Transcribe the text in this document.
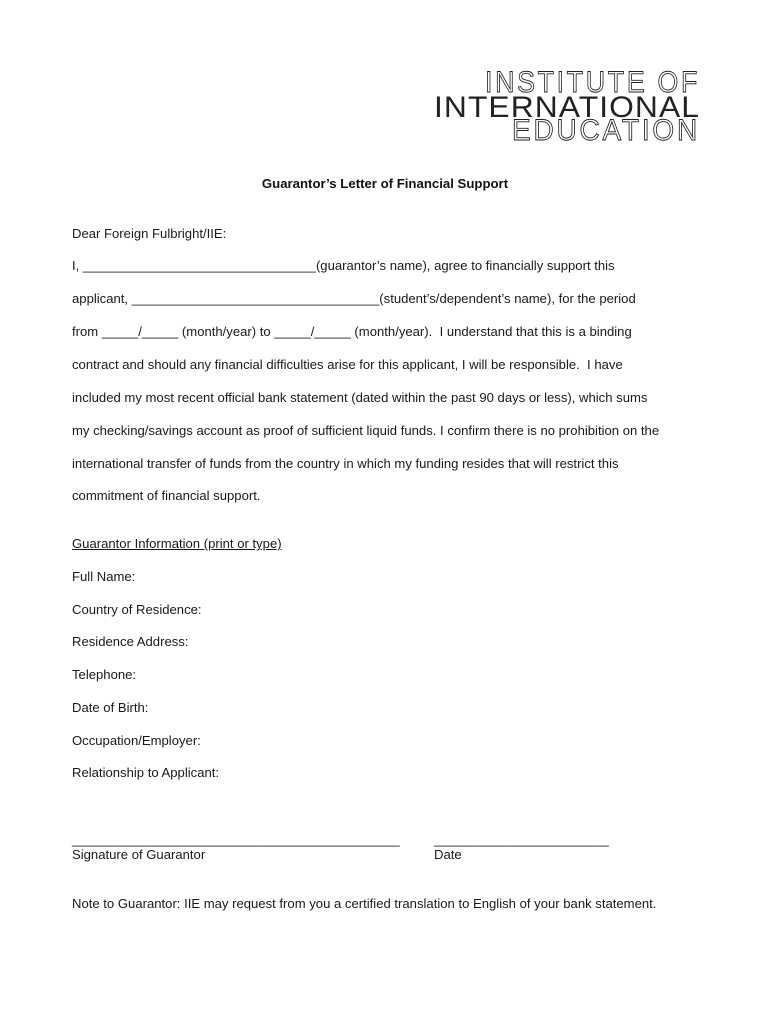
INSTITUTE OF
INTERNATIONAL
EDUCATION
Guarantor’s Letter of Financial Support
Dear Foreign Fulbright/IIE:
I, ________________________________(guarantor’s name), agree to financially support this
applicant, __________________________________(student’s/dependent’s name), for the period
from _____/_____ (month/year) to _____/_____ (month/year).  I understand that this is a binding
contract and should any financial difficulties arise for this applicant, I will be responsible.  I have
included my most recent official bank statement (dated within the past 90 days or less), which sums
my checking/savings account as proof of sufficient liquid funds. I confirm there is no prohibition on the
international transfer of funds from the country in which my funding resides that will restrict this
commitment of financial support.
Guarantor Information (print or type)
Full Name:
Country of Residence:
Residence Address:
Telephone:
Date of Birth:
Occupation/Employer:
Relationship to Applicant:
_____________________________________________	________________________
Signature of Guarantor	Date
Note to Guarantor: IIE may request from you a certified translation to English of your bank statement.
